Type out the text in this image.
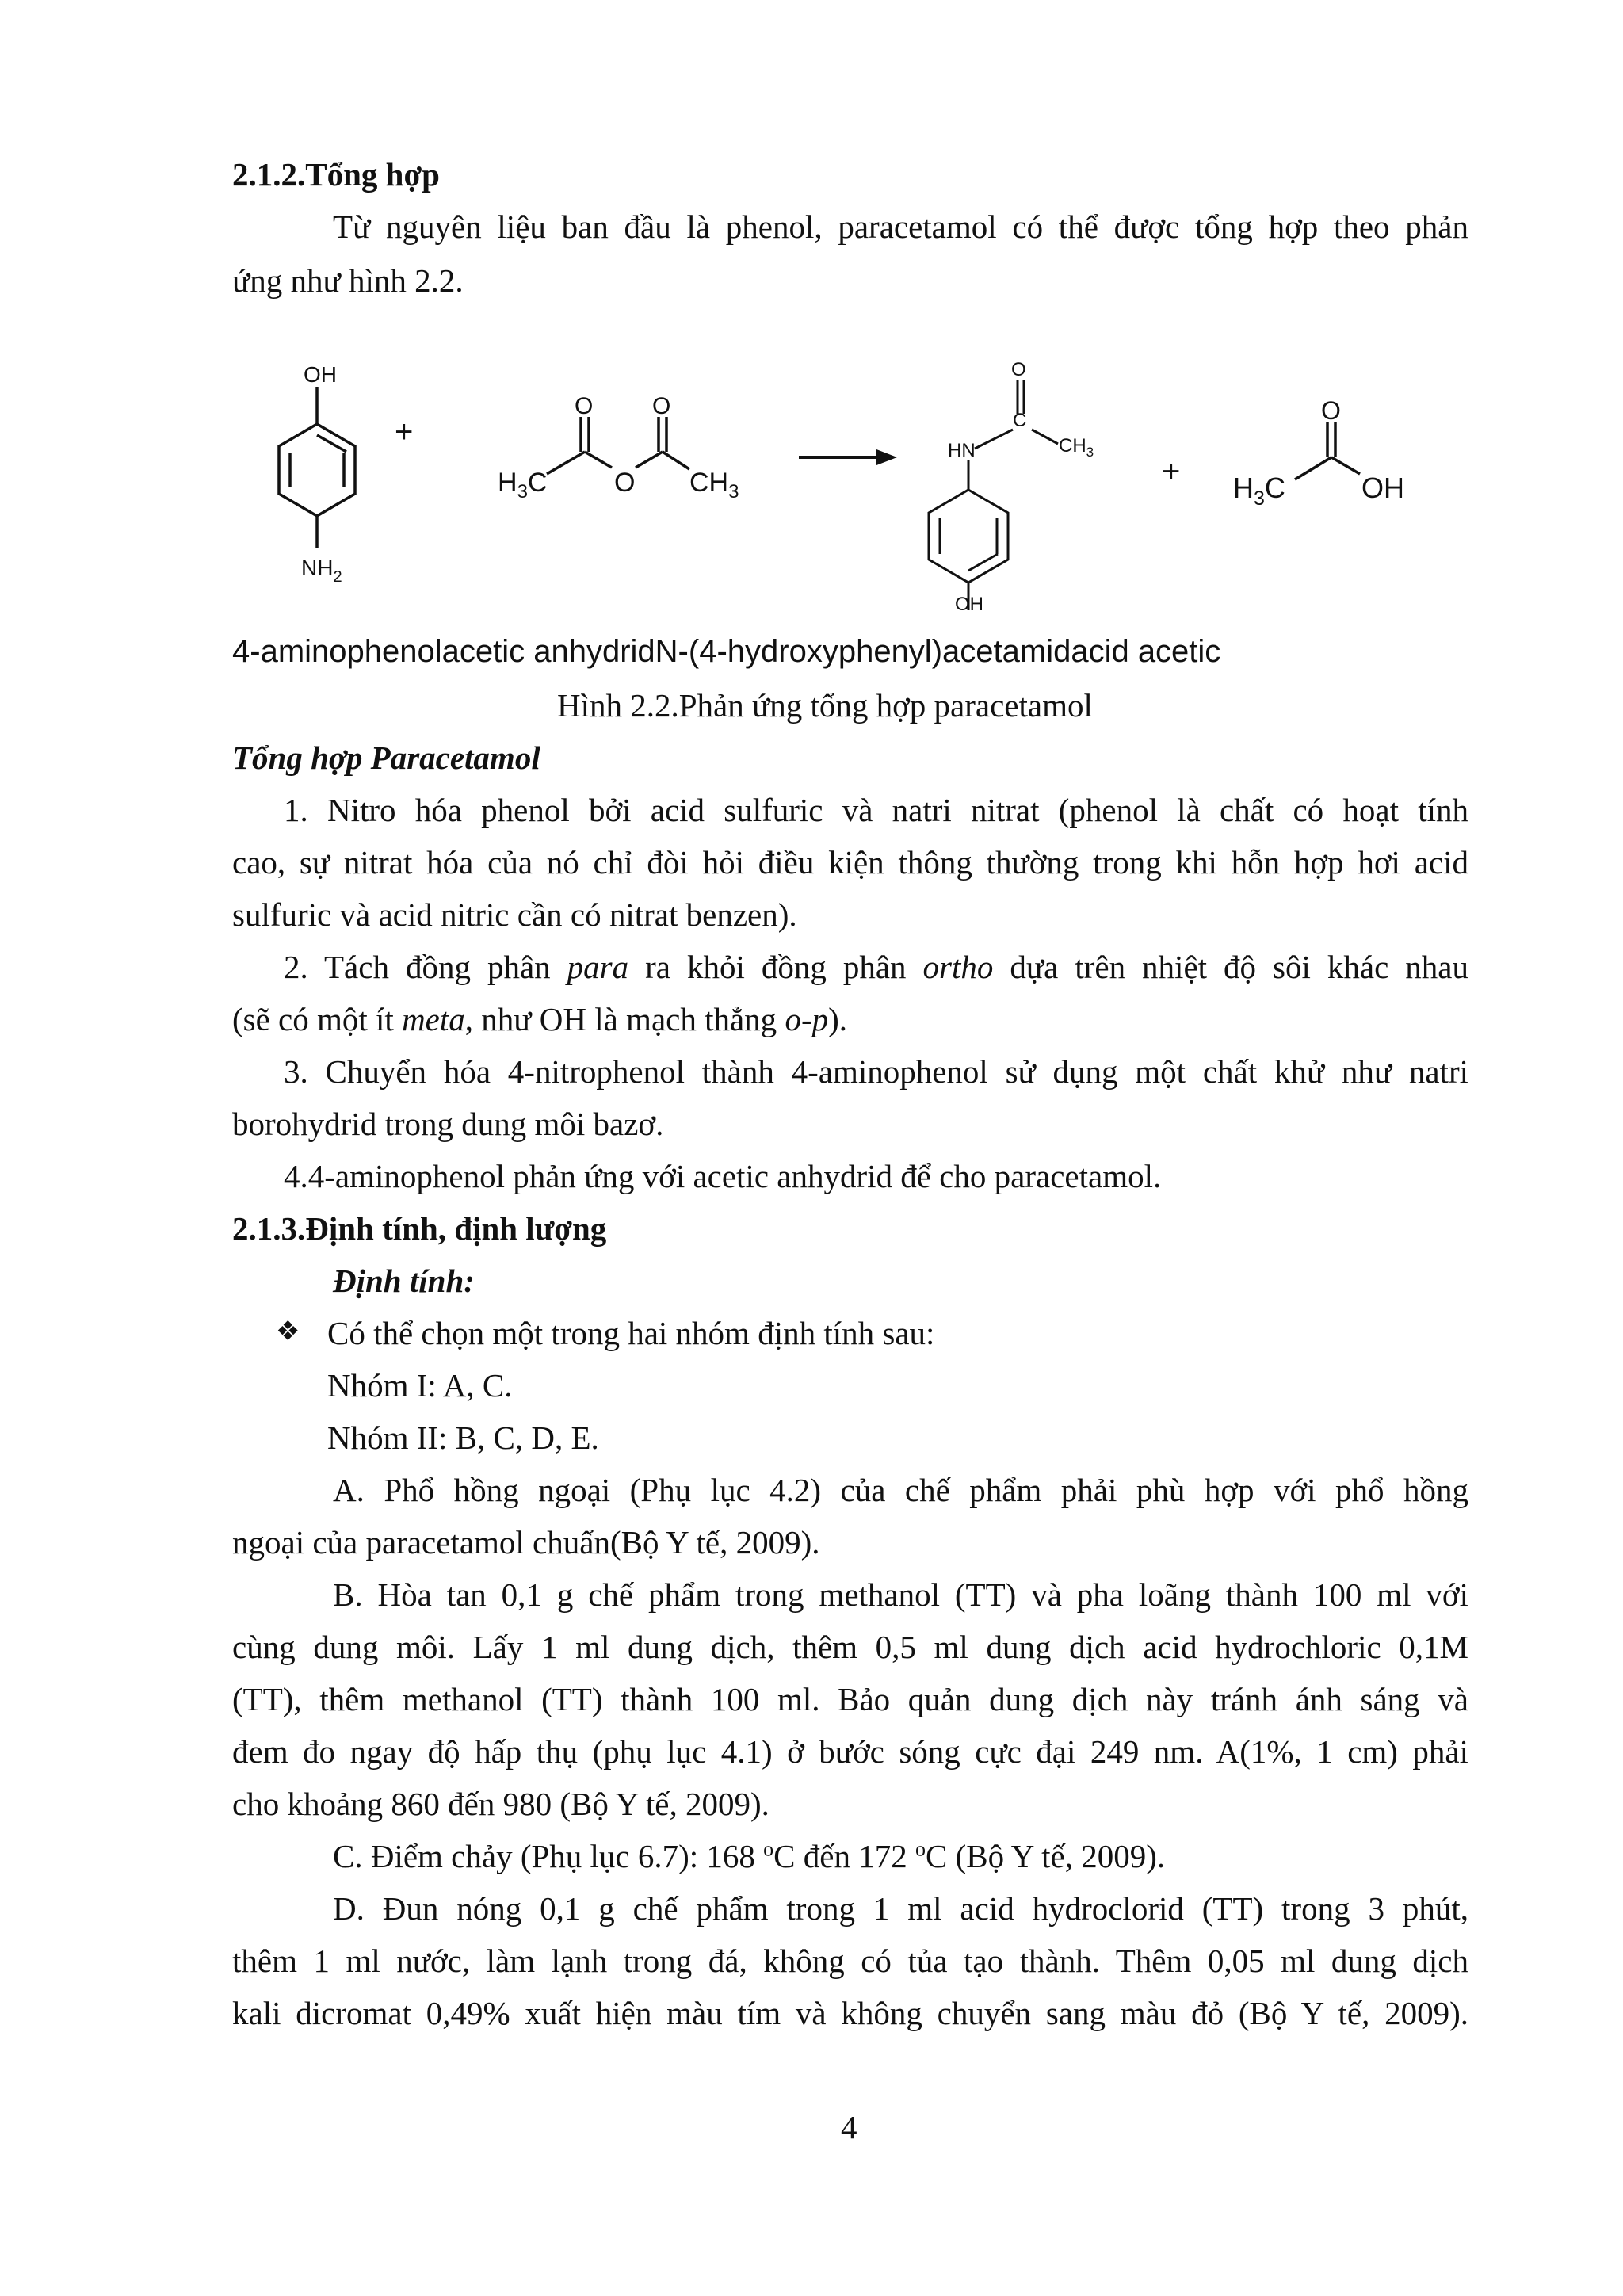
2.1.2.Tổng hợp
Từ nguyên liệu ban đầu là phenol, paracetamol có thể được tổng hợp theo phản
ứng như hình 2.2.
OH
$NH_2$
+
O O
$H_3C$ O $CH_3$
O
C
HN	$CH_3$
OH
+
O
$H_3C$	OH
4-aminophenolacetic anhydridN-(4-hydroxyphenyl)acetamidacid acetic
Hình 2.2.Phản ứng tổng hợp paracetamol
Tổng hợp Paracetamol
1. Nitro hóa phenol bởi acid sulfuric và natri nitrat (phenol là chất có hoạt tính
cao, sự nitrat hóa của nó chỉ đòi hỏi điều kiện thông thường trong khi hỗn hợp hơi acid
sulfuric và acid nitric cần có nitrat benzen).
2. Tách đồng phân para ra khỏi đồng phân ortho dựa trên nhiệt độ sôi khác nhau
(sẽ có một ít meta, như OH là mạch thẳng o-p).
3. Chuyển hóa 4-nitrophenol thành 4-aminophenol sử dụng một chất khử như natri
borohydrid trong dung môi bazơ.
4.4-aminophenol phản ứng với acetic anhydrid để cho paracetamol.
2.1.3.Định tính, định lượng
Định tính:
❖ Có thể chọn một trong hai nhóm định tính sau:
Nhóm I: A, C.
Nhóm II: B, C, D, E.
A. Phổ hồng ngoại (Phụ lục 4.2) của chế phẩm phải phù hợp với phổ hồng
ngoại của paracetamol chuẩn(Bộ Y tế, 2009).
B. Hòa tan 0,1 g chế phẩm trong methanol (TT) và pha loãng thành 100 ml với
cùng dung môi. Lấy 1 ml dung dịch, thêm 0,5 ml dung dịch acid hydrochloric 0,1M
(TT), thêm methanol (TT) thành 100 ml. Bảo quản dung dịch này tránh ánh sáng và
đem đo ngay độ hấp thụ (phụ lục 4.1) ở bước sóng cực đại 249 nm. A(1%, 1 cm) phải
cho khoảng 860 đến 980 (Bộ Y tế, 2009).
C. Điểm chảy (Phụ lục 6.7): 168 $^o$C đến 172 $^o$C (Bộ Y tế, 2009).
D. Đun nóng 0,1 g chế phẩm trong 1 ml acid hydroclorid (TT) trong 3 phút,
thêm 1 ml nước, làm lạnh trong đá, không có tủa tạo thành. Thêm 0,05 ml dung dịch
kali dicromat 0,49% xuất hiện màu tím và không chuyển sang màu đỏ (Bộ Y tế, 2009).
4
